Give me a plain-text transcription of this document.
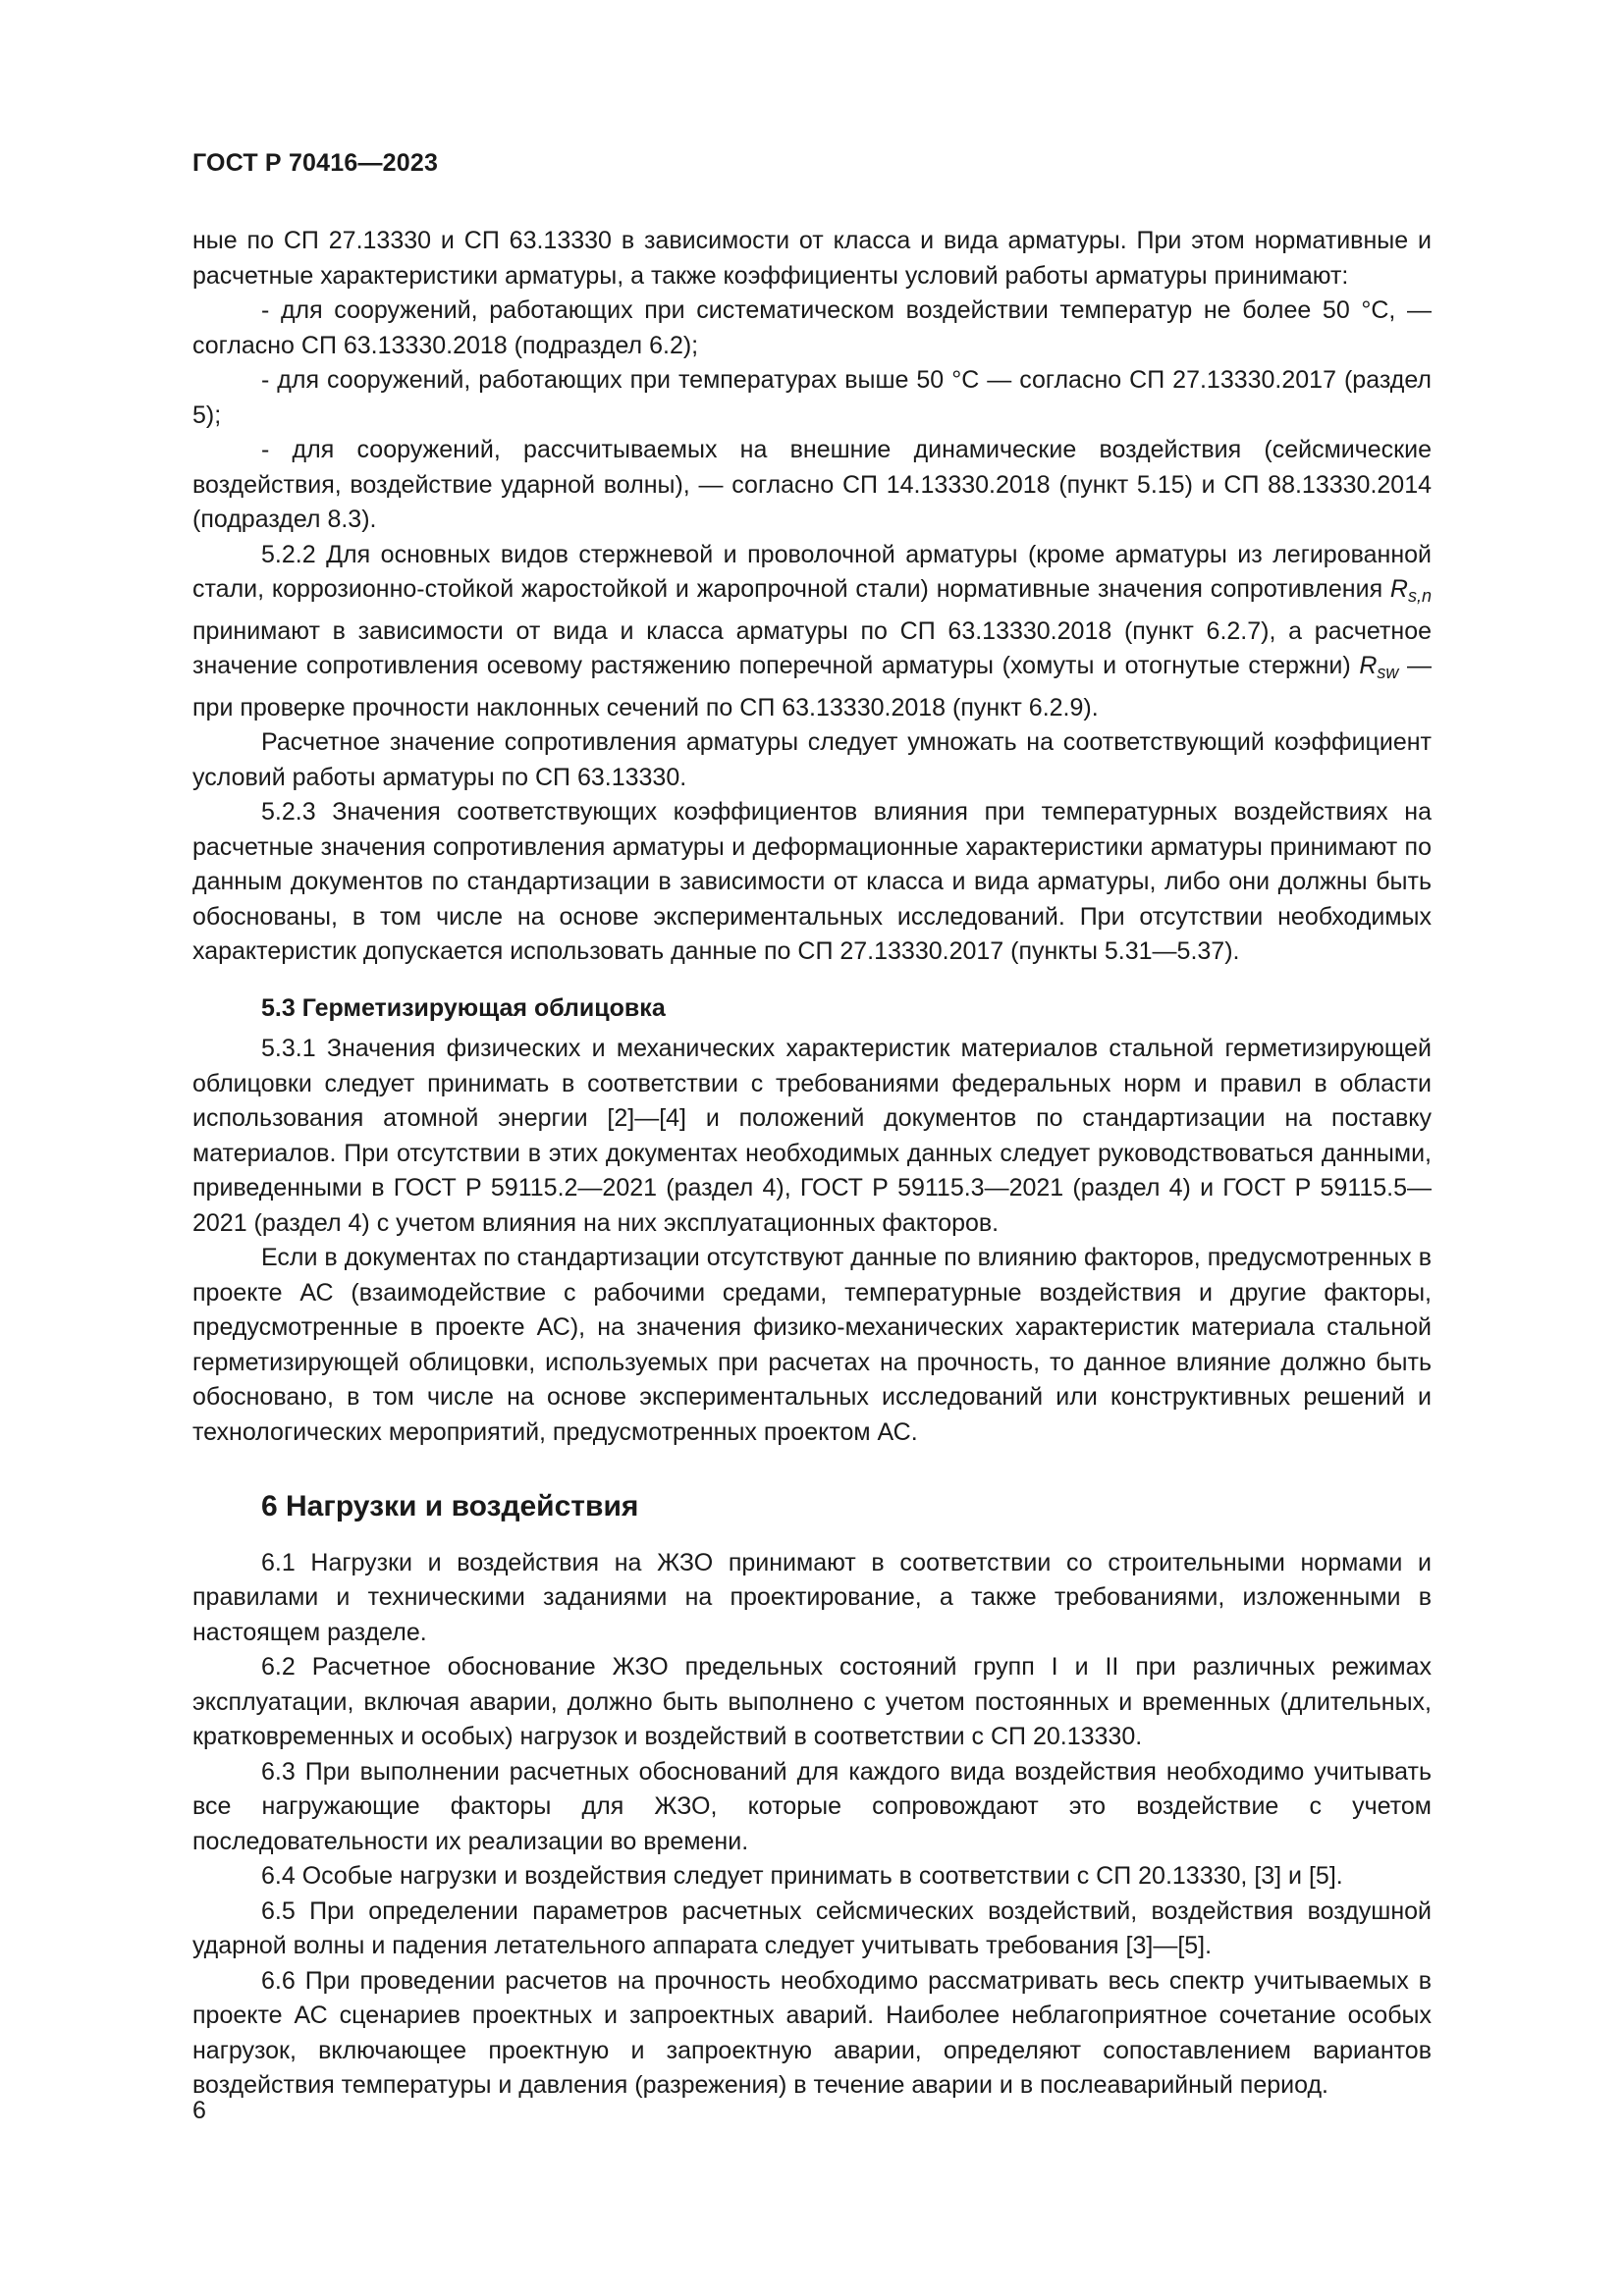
ГОСТ Р 70416—2023

ные по СП 27.13330 и СП 63.13330 в зависимости от класса и вида арматуры. При этом нормативные и расчетные характеристики арматуры, а также коэффициенты условий работы арматуры принимают:

- для сооружений, работающих при систематическом воздействии температур не более 50 °С, — согласно СП 63.13330.2018 (подраздел 6.2);

- для сооружений, работающих при температурах выше 50 °С — согласно СП 27.13330.2017 (раздел 5);

- для сооружений, рассчитываемых на внешние динамические воздействия (сейсмические воздействия, воздействие ударной волны), — согласно СП 14.13330.2018 (пункт 5.15) и СП 88.13330.2014 (подраздел 8.3).

5.2.2 Для основных видов стержневой и проволочной арматуры (кроме арматуры из легированной стали, коррозионно-стойкой жаростойкой и жаропрочной стали) нормативные значения сопротивления $R_{s,n}$ принимают в зависимости от вида и класса арматуры по СП 63.13330.2018 (пункт 6.2.7), а расчетное значение сопротивления осевому растяжению поперечной арматуры (хомуты и отогнутые стержни) $R_{sw}$ — при проверке прочности наклонных сечений по СП 63.13330.2018 (пункт 6.2.9).

Расчетное значение сопротивления арматуры следует умножать на соответствующий коэффициент условий работы арматуры по СП 63.13330.

5.2.3 Значения соответствующих коэффициентов влияния при температурных воздействиях на расчетные значения сопротивления арматуры и деформационные характеристики арматуры принимают по данным документов по стандартизации в зависимости от класса и вида арматуры, либо они должны быть обоснованы, в том числе на основе экспериментальных исследований. При отсутствии необходимых характеристик допускается использовать данные по СП 27.13330.2017 (пункты 5.31—5.37).

5.3 Герметизирующая облицовка

5.3.1 Значения физических и механических характеристик материалов стальной герметизирующей облицовки следует принимать в соответствии с требованиями федеральных норм и правил в области использования атомной энергии [2]—[4] и положений документов по стандартизации на поставку материалов. При отсутствии в этих документах необходимых данных следует руководствоваться данными, приведенными в ГОСТ Р 59115.2—2021 (раздел 4), ГОСТ Р 59115.3—2021 (раздел 4) и ГОСТ Р 59115.5—2021 (раздел 4) с учетом влияния на них эксплуатационных факторов.

Если в документах по стандартизации отсутствуют данные по влиянию факторов, предусмотренных в проекте АС (взаимодействие с рабочими средами, температурные воздействия и другие факторы, предусмотренные в проекте АС), на значения физико-механических характеристик материала стальной герметизирующей облицовки, используемых при расчетах на прочность, то данное влияние должно быть обосновано, в том числе на основе экспериментальных исследований или конструктивных решений и технологических мероприятий, предусмотренных проектом АС.

6 Нагрузки и воздействия

6.1 Нагрузки и воздействия на ЖЗО принимают в соответствии со строительными нормами и правилами и техническими заданиями на проектирование, а также требованиями, изложенными в настоящем разделе.

6.2 Расчетное обоснование ЖЗО предельных состояний групп I и II при различных режимах эксплуатации, включая аварии, должно быть выполнено с учетом постоянных и временных (длительных, кратковременных и особых) нагрузок и воздействий в соответствии с СП 20.13330.

6.3 При выполнении расчетных обоснований для каждого вида воздействия необходимо учитывать все нагружающие факторы для ЖЗО, которые сопровождают это воздействие с учетом последовательности их реализации во времени.

6.4 Особые нагрузки и воздействия следует принимать в соответствии с СП 20.13330, [3] и [5].

6.5 При определении параметров расчетных сейсмических воздействий, воздействия воздушной ударной волны и падения летательного аппарата следует учитывать требования [3]—[5].

6.6 При проведении расчетов на прочность необходимо рассматривать весь спектр учитываемых в проекте АС сценариев проектных и запроектных аварий. Наиболее неблагоприятное сочетание особых нагрузок, включающее проектную и запроектную аварии, определяют сопоставлением вариантов воздействия температуры и давления (разрежения) в течение аварии и в послеаварийный период.

6
